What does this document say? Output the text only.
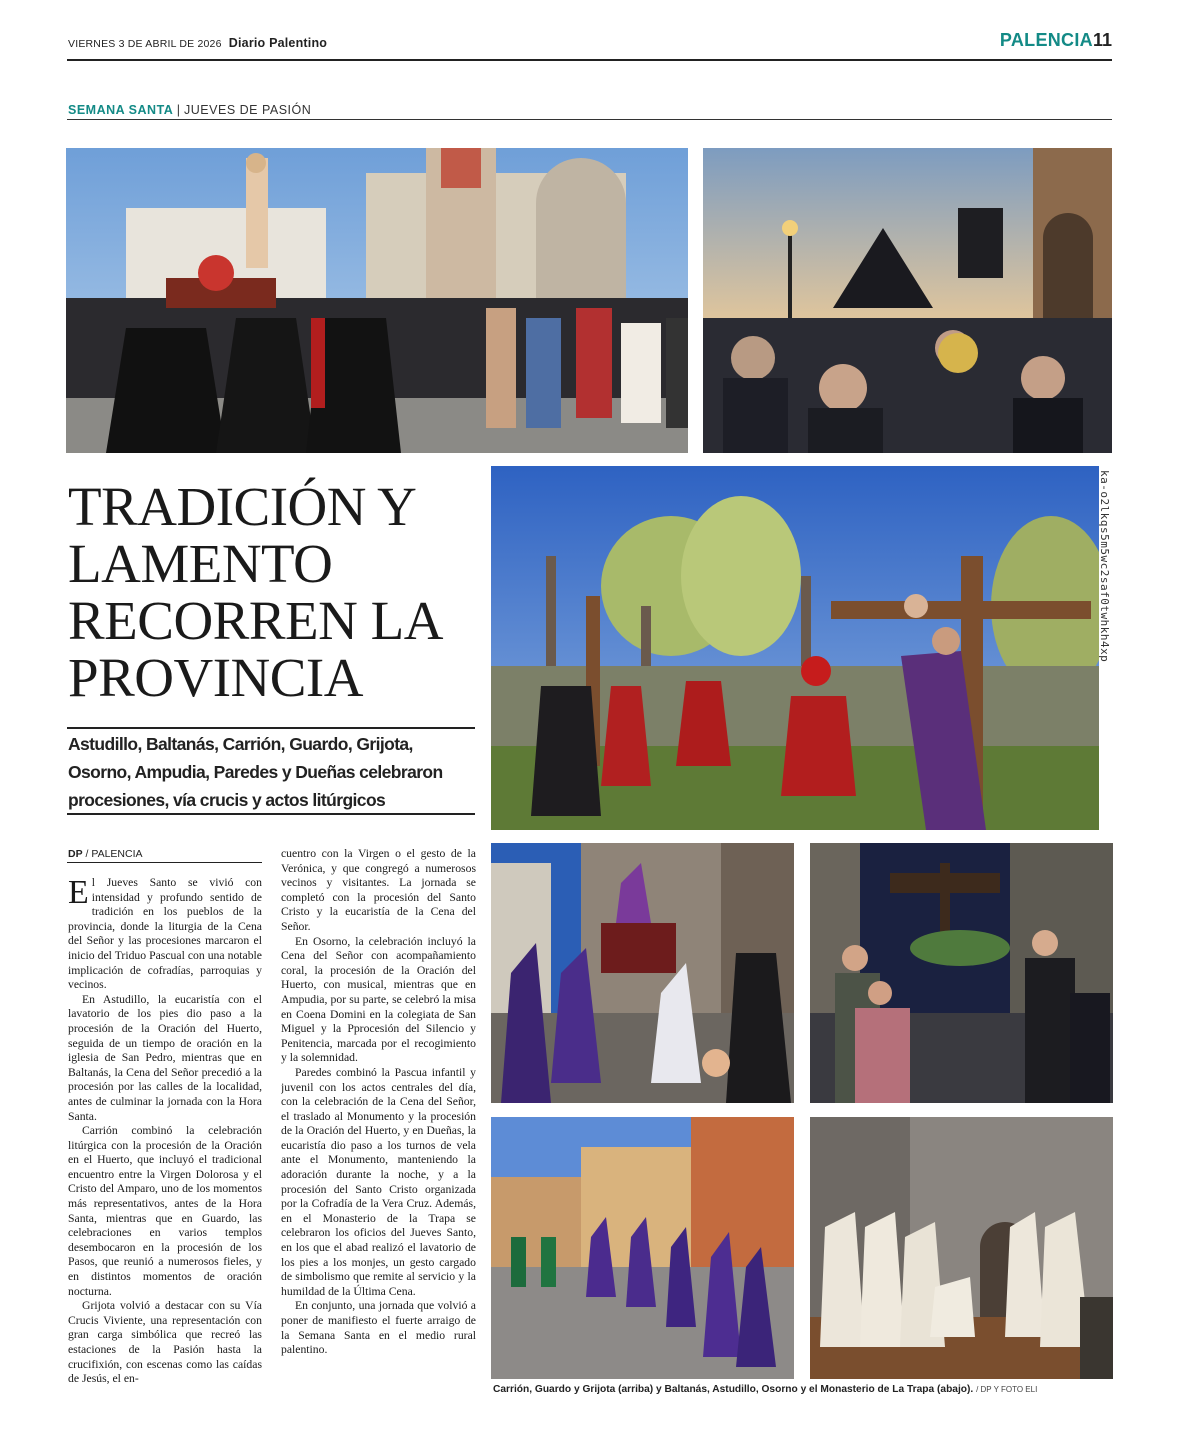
VIERNES 3 DE ABRIL DE 2026 Diario Palentino	PALENCIA11
SEMANA SANTA | JUEVES DE PASIÓN
ka-o2lkqs5m5wc2saf0twhkh4xp
TRADICIÓN Y LAMENTO RECORREN LA PROVINCIA

Astudillo, Baltanás, Carrión, Guardo, Grijota, Osorno, Ampudia, Paredes y Dueñas celebraron procesiones, vía crucis y actos litúrgicos

DP / PALENCIA

El Jueves Santo se vivió con intensidad y profundo sentido de tradición en los pueblos de la provincia, donde la liturgia de la Cena del Señor y las procesiones marcaron el inicio del Triduo Pascual con una notable implicación de cofradías, parroquias y vecinos.

En Astudillo, la eucaristía con el lavatorio de los pies dio paso a la procesión de la Oración del Huerto, seguida de un tiempo de oración en la iglesia de San Pedro, mientras que en Baltanás, la Cena del Señor precedió a la procesión por las calles de la localidad, antes de culminar la jornada con la Hora Santa.

Carrión combinó la celebración litúrgica con la procesión de la Oración en el Huerto, que incluyó el tradicional encuentro entre la Virgen Dolorosa y el Cristo del Amparo, uno de los momentos más representativos, antes de la Hora Santa, mientras que en Guardo, las celebraciones en varios templos desembocaron en la procesión de los Pasos, que reunió a numerosos fieles, y en distintos momentos de oración nocturna.

Grijota volvió a destacar con su Vía Crucis Viviente, una representación con gran carga simbólica que recreó las estaciones de la Pasión hasta la crucifixión, con escenas como las caídas de Jesús, el en-

cuentro con la Virgen o el gesto de la Verónica, y que congregó a numerosos vecinos y visitantes. La jornada se completó con la procesión del Santo Cristo y la eucaristía de la Cena del Señor.

En Osorno, la celebración incluyó la Cena del Señor con acompañamiento coral, la procesión de la Oración del Huerto, con musical, mientras que en Ampudia, por su parte, se celebró la misa en Coena Domini en la colegiata de San Miguel y la Pprocesión del Silencio y Penitencia, marcada por el recogimiento y la solemnidad.

Paredes combinó la Pascua infantil y juvenil con los actos centrales del día, con la celebración de la Cena del Señor, el traslado al Monumento y la procesión de la Oración del Huerto, y en Dueñas, la eucaristía dio paso a los turnos de vela ante el Monumento, manteniendo la adoración durante la noche, y a la procesión del Santo Cristo organizada por la Cofradía de la Vera Cruz. Además, en el Monasterio de la Trapa se celebraron los oficios del Jueves Santo, en los que el abad realizó el lavatorio de los pies a los monjes, un gesto cargado de simbolismo que remite al servicio y la humildad de la Última Cena.

En conjunto, una jornada que volvió a poner de manifiesto el fuerte arraigo de la Semana Santa en el medio rural palentino.

Carrión, Guardo y Grijota (arriba) y Baltanás, Astudillo, Osorno y el Monasterio de La Trapa (abajo). / DP Y FOTO ELI
